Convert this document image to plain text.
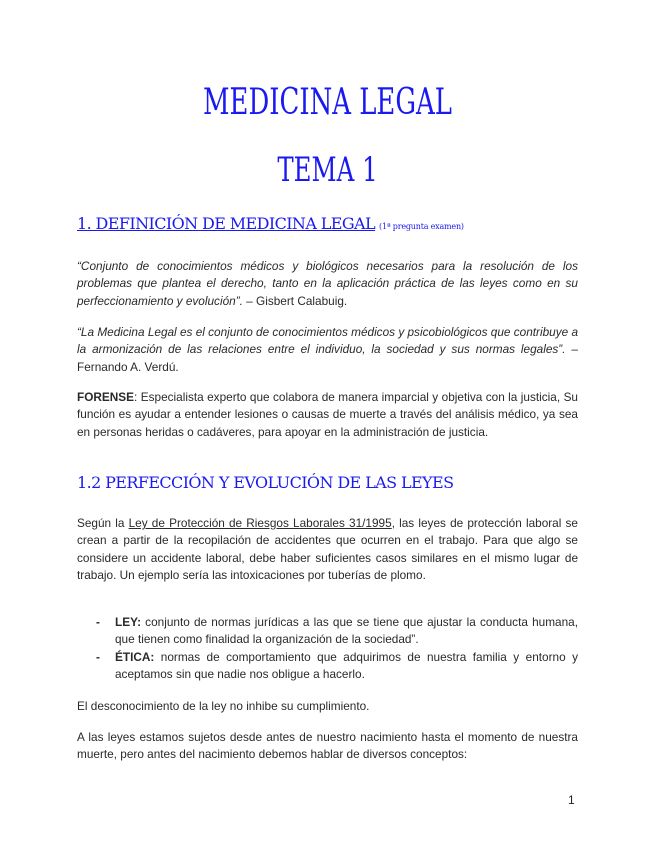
MEDICINA LEGAL
TEMA 1
1. DEFINICIÓN DE MEDICINA LEGAL (1ª pregunta examen)

“Conjunto de conocimientos médicos y biológicos necesarios para la resolución de los problemas que plantea el derecho, tanto en la aplicación práctica de las leyes como en su perfeccionamiento y evolución”. – Gisbert Calabuig.

“La Medicina Legal es el conjunto de conocimientos médicos y psicobiológicos que contribuye a la armonización de las relaciones entre el individuo, la sociedad y sus normas legales”. – Fernando A. Verdú.

FORENSE: Especialista experto que colabora de manera imparcial y objetiva con la justicia, Su función es ayudar a entender lesiones o causas de muerte a través del análisis médico, ya sea en personas heridas o cadáveres, para apoyar en la administración de justicia.

1.2 PERFECCIÓN Y EVOLUCIÓN DE LAS LEYES

Según la Ley de Protección de Riesgos Laborales 31/1995, las leyes de protección laboral se crean a partir de la recopilación de accidentes que ocurren en el trabajo. Para que algo se considere un accidente laboral, debe haber suficientes casos similares en el mismo lugar de trabajo. Un ejemplo sería las intoxicaciones por tuberías de plomo.

- LEY: conjunto de normas jurídicas a las que se tiene que ajustar la conducta humana, que tienen como finalidad la organización de la sociedad”.
- ÉTICA: normas de comportamiento que adquirimos de nuestra familia y entorno y aceptamos sin que nadie nos obligue a hacerlo.

El desconocimiento de la ley no inhibe su cumplimiento.

A las leyes estamos sujetos desde antes de nuestro nacimiento hasta el momento de nuestra muerte, pero antes del nacimiento debemos hablar de diversos conceptos:

1
